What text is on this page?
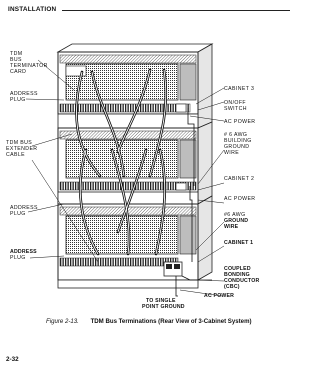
INSTALLATION
TDM
BUS
TERMINATOR
CARD
ADDRESS
PLUG
TDM BUS
EXTENDER
CABLE
ADDRESS
PLUG
ADDRESS
PLUG
CABINET 3
ON/OFF
SWITCH
AC POWER
# 6 AWG
BUILDING
GROUND
WIRE
CABINET 2
AC POWER
#6 AWG
GROUND
WIRE
CABINET 1
COUPLED
BONDING
CONDUCTOR
(CBC)
AC POWER
TO SINGLE
POINT GROUND
Figure 2-13. TDM Bus Terminations (Rear View of 3-Cabinet System)
2-32
